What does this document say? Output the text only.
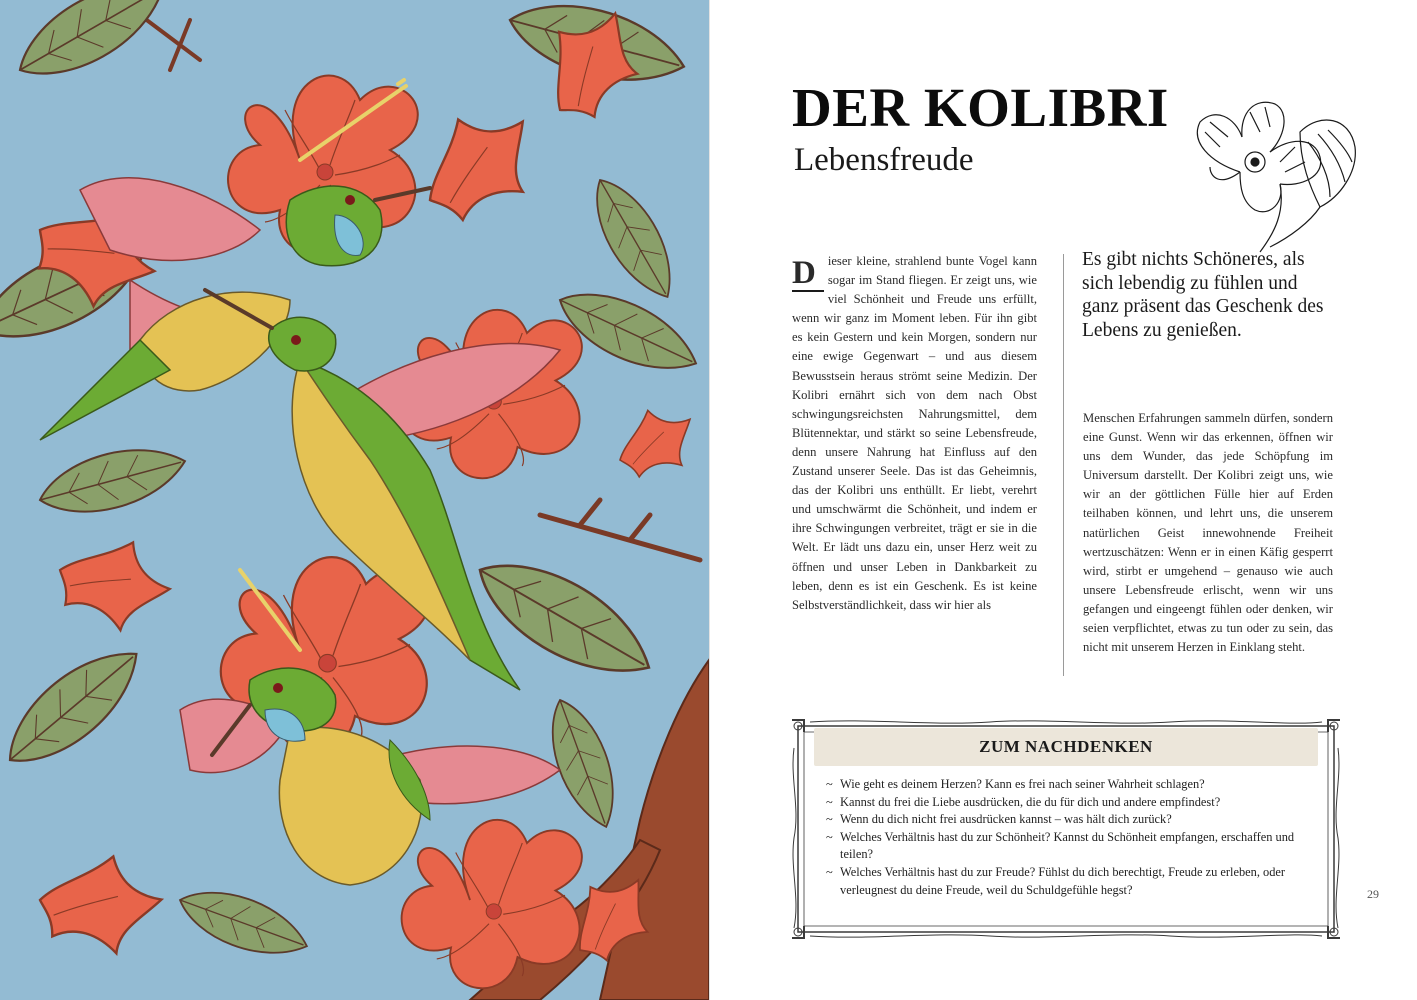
DER KOLIBRI
Lebensfreude
D ieser kleine, strahlend bunte Vogel kann sogar im Stand fliegen. Er zeigt uns, wie viel Schönheit und Freude uns erfüllt, wenn wir ganz im Moment leben. Für ihn gibt es kein Gestern und kein Morgen, sondern nur eine ewige Gegenwart – und aus diesem Bewusstsein heraus strömt seine Medizin. Der Kolibri ernährt sich von dem nach Obst schwingungsreichsten Nahrungsmittel, dem Blütennektar, und stärkt so seine Lebensfreude, denn unsere Nahrung hat Einfluss auf den Zustand unserer Seele. Das ist das Geheimnis, das der Kolibri uns enthüllt. Er liebt, verehrt und umschwärmt die Schönheit, und indem er ihre Schwingungen verbreitet, trägt er sie in die Welt. Er lädt uns dazu ein, unser Herz weit zu öffnen und unser Leben in Dankbarkeit zu leben, denn es ist ein Geschenk. Es ist keine Selbstverständlichkeit, dass wir hier als
Es gibt nichts Schöneres, als sich lebendig zu fühlen und ganz präsent das Geschenk des Lebens zu genießen.
Menschen Erfahrungen sammeln dürfen, sondern eine Gunst. Wenn wir das erkennen, öffnen wir uns dem Wunder, das jede Schöpfung im Universum darstellt. Der Kolibri zeigt uns, wie wir an der göttlichen Fülle hier auf Erden teilhaben können, und lehrt uns, die unserem natürlichen Geist innewohnende Freiheit wertzuschätzen: Wenn er in einen Käfig gesperrt wird, stirbt er umgehend – genauso wie auch unsere Lebensfreude erlischt, wenn wir uns gefangen und eingeengt fühlen oder denken, wir seien verpflichtet, etwas zu tun oder zu sein, das nicht mit unserem Herzen in Einklang steht.
ZUM NACHDENKEN
~ Wie geht es deinem Herzen? Kann es frei nach seiner Wahrheit schlagen?
~ Kannst du frei die Liebe ausdrücken, die du für dich und andere empfindest?
~ Wenn du dich nicht frei ausdrücken kannst – was hält dich zurück?
~ Welches Verhältnis hast du zur Schönheit? Kannst du Schönheit empfangen, erschaffen und teilen?
~ Welches Verhältnis hast du zur Freude? Fühlst du dich berechtigt, Freude zu erleben, oder verleugnest du deine Freude, weil du Schuldgefühle hegst?	29
